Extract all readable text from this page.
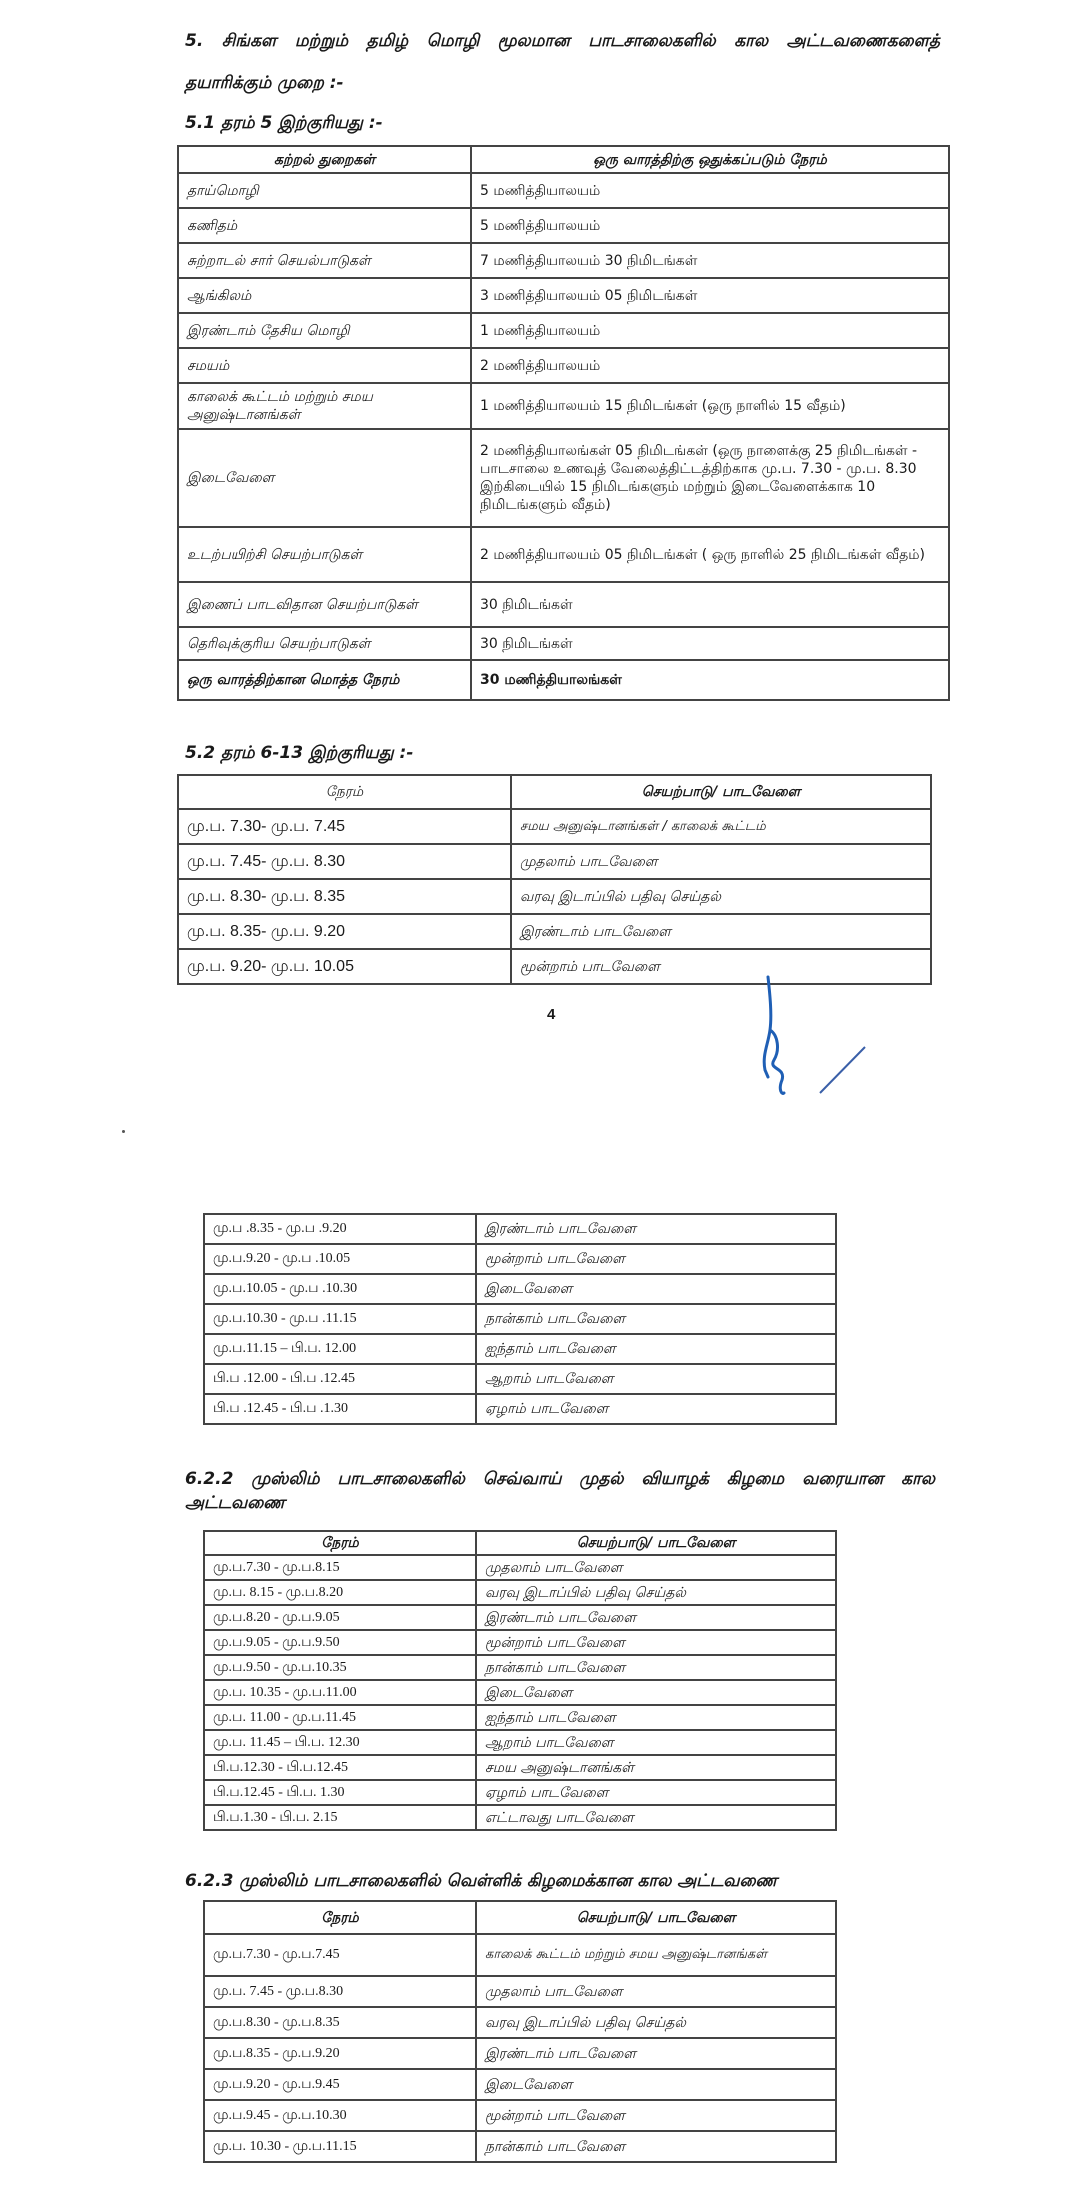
5. சிங்கள மற்றும் தமிழ் மொழி மூலமான பாடசாலைகளில் கால அட்டவணைகளைத்
தயாரிக்கும் முறை :-
5.1 தரம் 5 இற்குரியது :-
கற்றல் துறைகள்	ஒரு வாரத்திற்கு ஒதுக்கப்படும் நேரம்
தாய்மொழி	5 மணித்தியாலயம்
கணிதம்	5 மணித்தியாலயம்
சுற்றாடல் சார் செயல்பாடுகள்	7 மணித்தியாலயம் 30 நிமிடங்கள்
ஆங்கிலம்	3 மணித்தியாலயம் 05 நிமிடங்கள்
இரண்டாம் தேசிய மொழி	1 மணித்தியாலயம்
சமயம்	2 மணித்தியாலயம்
காலைக் கூட்டம் மற்றும் சமய அனுஷ்டானங்கள்	1 மணித்தியாலயம் 15 நிமிடங்கள் (ஒரு நாளில் 15 வீதம்)
இடைவேளை	2 மணித்தியாலங்கள் 05 நிமிடங்கள் (ஒரு நாளைக்கு 25 நிமிடங்கள் - பாடசாலை உணவுத் வேலைத்திட்டத்திற்காக மு.ப. 7.30 - மு.ப. 8.30 இற்கிடையில் 15 நிமிடங்களும் மற்றும் இடைவேளைக்காக 10 நிமிடங்களும் வீதம்)
உடற்பயிற்சி செயற்பாடுகள்	2 மணித்தியாலயம் 05 நிமிடங்கள் ( ஒரு நாளில் 25 நிமிடங்கள் வீதம்)
இணைப் பாடவிதான செயற்பாடுகள்	30 நிமிடங்கள்
தெரிவுக்குரிய செயற்பாடுகள்	30 நிமிடங்கள்
ஒரு வாரத்திற்கான மொத்த நேரம்	30 மணித்தியாலங்கள்
5.2 தரம் 6-13 இற்குரியது :-
நேரம்	செயற்பாடு/ பாடவேளை
மு.ப. 7.30- மு.ப. 7.45	சமய அனுஷ்டானங்கள் / காலைக் கூட்டம்
மு.ப. 7.45- மு.ப. 8.30	முதலாம் பாடவேளை
மு.ப. 8.30- மு.ப. 8.35	வரவு இடாப்பில் பதிவு செய்தல்
மு.ப. 8.35- மு.ப. 9.20	இரண்டாம் பாடவேளை
மு.ப. 9.20- மு.ப. 10.05	மூன்றாம் பாடவேளை
4
மு.ப .8.35 - மு.ப .9.20	இரண்டாம் பாடவேளை
மு.ப.9.20 - மு.ப .10.05	மூன்றாம் பாடவேளை
மு.ப.10.05 - மு.ப .10.30	இடைவேளை
மு.ப.10.30 - மு.ப .11.15	நான்காம் பாடவேளை
மு.ப.11.15 – பி.ப. 12.00	ஐந்தாம் பாடவேளை
பி.ப .12.00 - பி.ப .12.45	ஆறாம் பாடவேளை
பி.ப .12.45 - பி.ப .1.30	ஏழாம் பாடவேளை
6.2.2 முஸ்லிம் பாடசாலைகளில் செவ்வாய் முதல் வியாழக் கிழமை வரையான கால
அட்டவணை
நேரம்	செயற்பாடு/ பாடவேளை
மு.ப.7.30 - மு.ப.8.15	முதலாம் பாடவேளை
மு.ப. 8.15 - மு.ப.8.20	வரவு இடாப்பில் பதிவு செய்தல்
மு.ப.8.20 - மு.ப.9.05	இரண்டாம் பாடவேளை
மு.ப.9.05 - மு.ப.9.50	மூன்றாம் பாடவேளை
மு.ப.9.50 - மு.ப.10.35	நான்காம் பாடவேளை
மு.ப. 10.35 - மு.ப.11.00	இடைவேளை
மு.ப. 11.00 - மு.ப.11.45	ஐந்தாம் பாடவேளை
மு.ப. 11.45 – பி.ப. 12.30	ஆறாம் பாடவேளை
பி.ப.12.30 - பி.ப.12.45	சமய அனுஷ்டானங்கள்
பி.ப.12.45 - பி.ப. 1.30	ஏழாம் பாடவேளை
பி.ப.1.30 - பி.ப. 2.15	எட்டாவது பாடவேளை
6.2.3 முஸ்லிம் பாடசாலைகளில் வெள்ளிக் கிழமைக்கான கால அட்டவணை
நேரம்	செயற்பாடு/ பாடவேளை
மு.ப.7.30 - மு.ப.7.45	காலைக் கூட்டம் மற்றும் சமய அனுஷ்டானங்கள்
மு.ப. 7.45 - மு.ப.8.30	முதலாம் பாடவேளை
மு.ப.8.30 - மு.ப.8.35	வரவு இடாப்பில் பதிவு செய்தல்
மு.ப.8.35 - மு.ப.9.20	இரண்டாம் பாடவேளை
மு.ப.9.20 - மு.ப.9.45	இடைவேளை
மு.ப.9.45 - மு.ப.10.30	மூன்றாம் பாடவேளை
மு.ப. 10.30 - மு.ப.11.15	நான்காம் பாடவேளை
